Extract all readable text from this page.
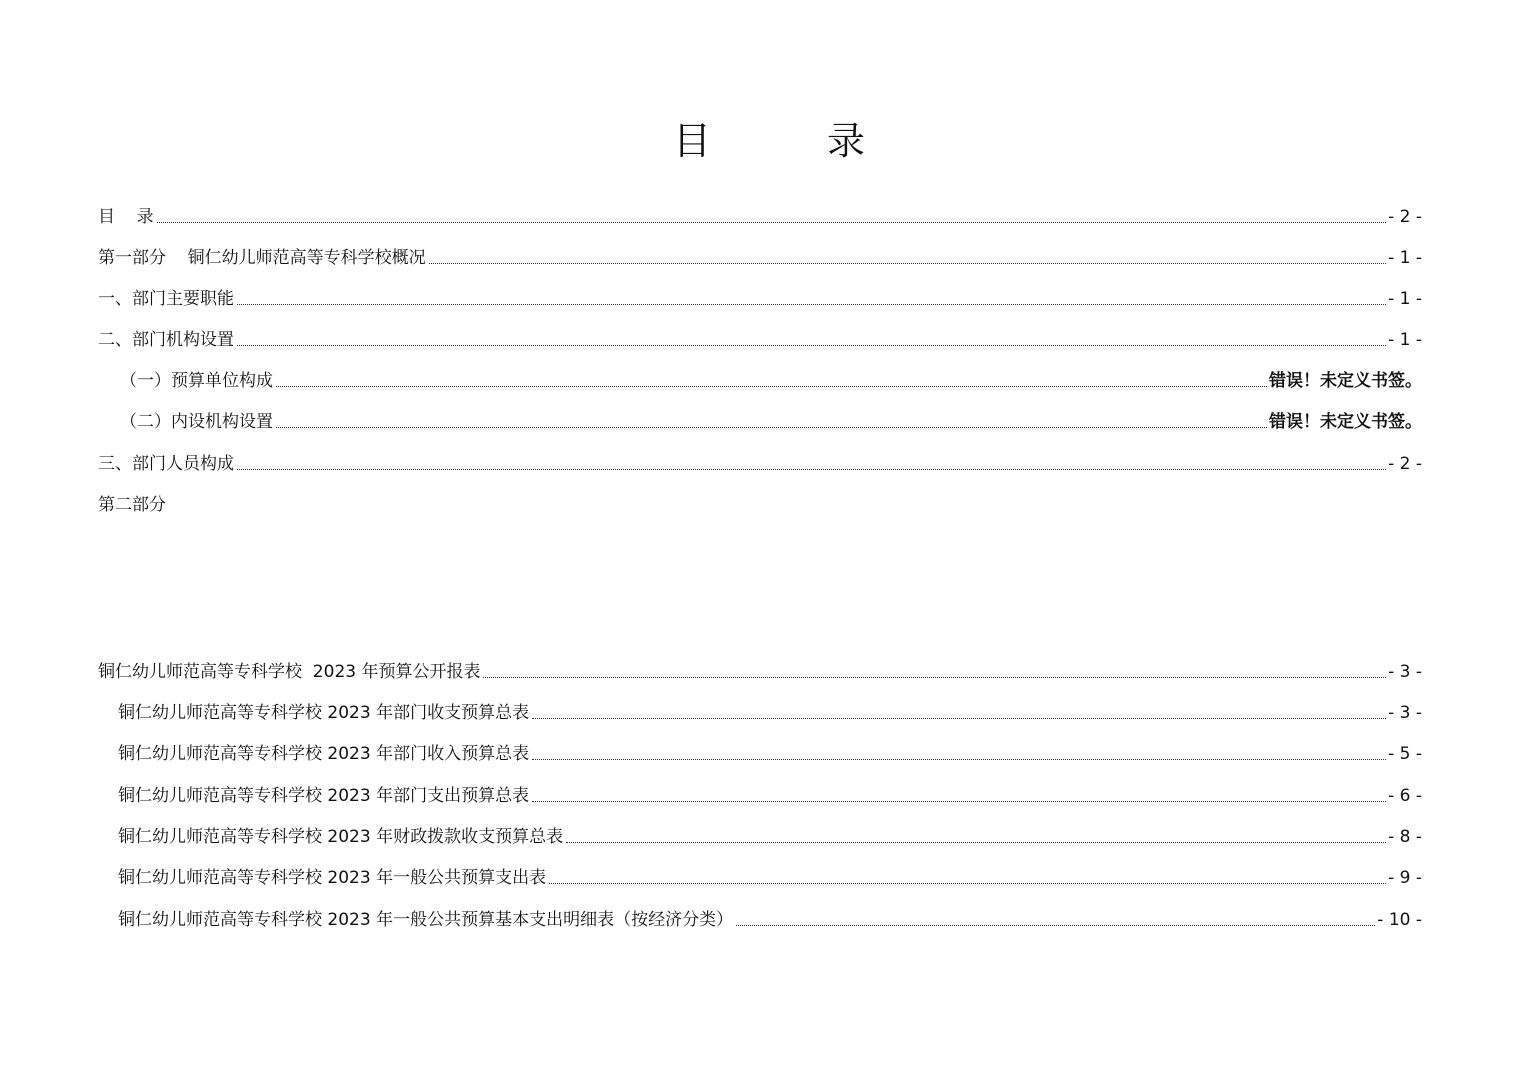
目 录
目    录	- 2 -
第一部分    铜仁幼儿师范高等专科学校概况	- 1 -
一、部门主要职能	- 1 -
二、部门机构设置	- 1 -
（一）预算单位构成	错误！未定义书签。
（二）内设机构设置	错误！未定义书签。
三、部门人员构成	- 2 -
第二部分
铜仁幼儿师范高等专科学校  2023 年预算公开报表	- 3 -
铜仁幼儿师范高等专科学校 2023 年部门收支预算总表	- 3 -
铜仁幼儿师范高等专科学校 2023 年部门收入预算总表	- 5 -
铜仁幼儿师范高等专科学校 2023 年部门支出预算总表	- 6 -
铜仁幼儿师范高等专科学校 2023 年财政拨款收支预算总表	- 8 -
铜仁幼儿师范高等专科学校 2023 年一般公共预算支出表	- 9 -
铜仁幼儿师范高等专科学校 2023 年一般公共预算基本支出明细表（按经济分类）	- 10 -
